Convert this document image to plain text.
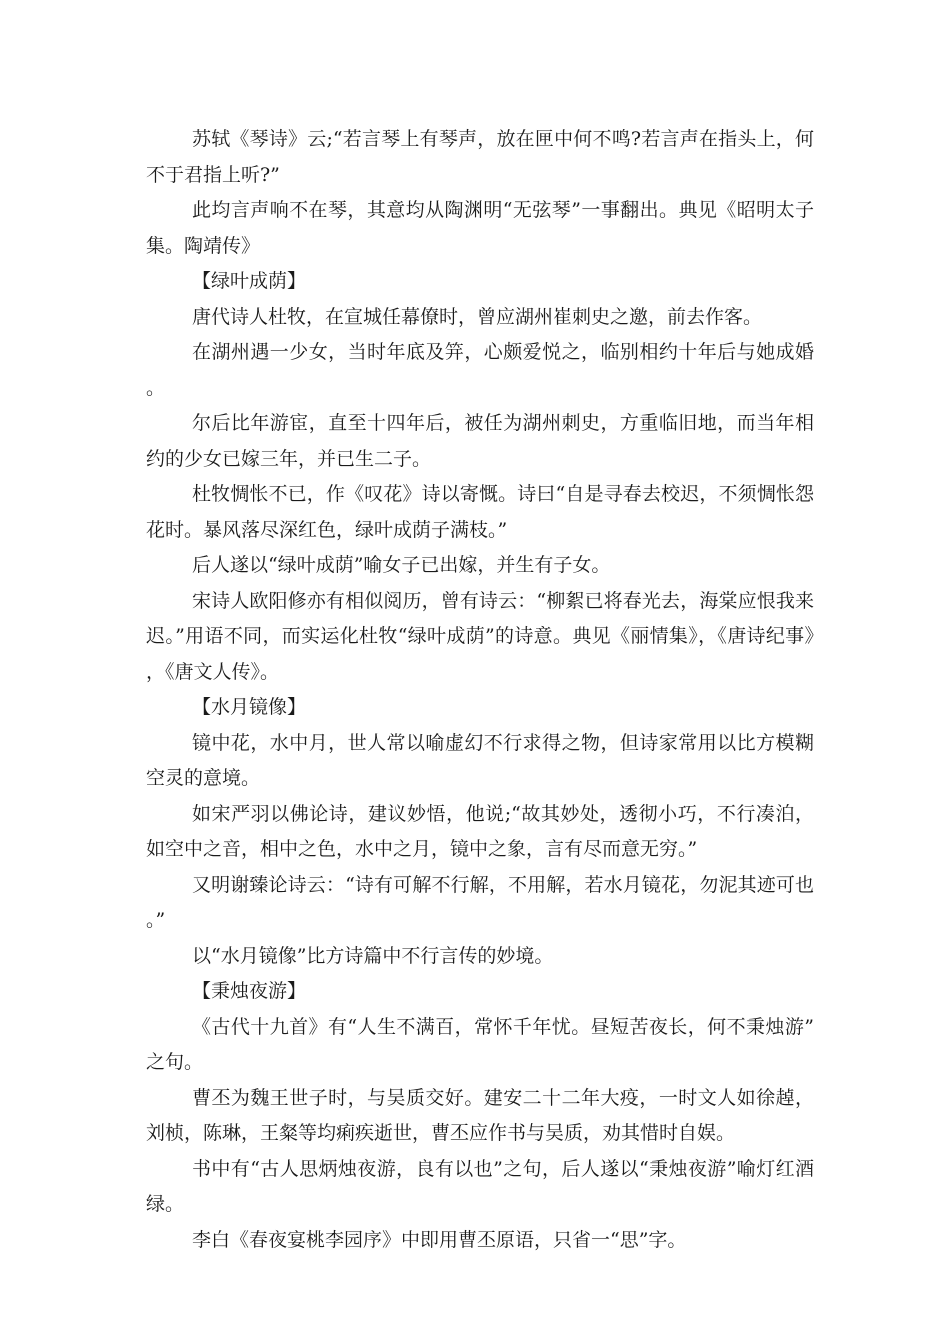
苏轼《琴诗》云;“若言琴上有琴声，放在匣中何不鸣?若言声在指头上，何不于君指上听?”

此均言声响不在琴，其意均从陶渊明“无弦琴”一事翻出。典见《昭明太子集。陶靖传》

【绿叶成荫】

唐代诗人杜牧，在宣城任幕僚时，曾应湖州崔刺史之邀，前去作客。

在湖州遇一少女，当时年底及笄，心颇爱悦之，临别相约十年后与她成婚。

尔后比年游宦，直至十四年后，被任为湖州刺史，方重临旧地，而当年相约的少女已嫁三年，并已生二子。

杜牧惆怅不已，作《叹花》诗以寄慨。诗曰“自是寻春去校迟，不须惆怅怨花时。暴风落尽深红色，绿叶成荫子满枝。”

后人遂以“绿叶成荫”喻女子已出嫁，并生有子女。

宋诗人欧阳修亦有相似阅历，曾有诗云：“柳絮已将春光去，海棠应恨我来迟。”用语不同，而实运化杜牧“绿叶成荫”的诗意。典见《丽情集》，《唐诗纪事》，《唐文人传》。

【水月镜像】

镜中花，水中月，世人常以喻虚幻不行求得之物，但诗家常用以比方模糊空灵的意境。

如宋严羽以佛论诗，建议妙悟，他说;“故其妙处，透彻小巧，不行凑泊，如空中之音，相中之色，水中之月，镜中之象，言有尽而意无穷。”

又明谢臻论诗云：“诗有可解不行解，不用解，若水月镜花，勿泥其迹可也。”

以“水月镜像”比方诗篇中不行言传的妙境。

【秉烛夜游】

《古代十九首》有“人生不满百，常怀千年忧。昼短苦夜长，何不秉烛游”之句。

曹丕为魏王世子时，与吴质交好。建安二十二年大疫，一时文人如徐趠，刘桢，陈琳，王粲等均痢疾逝世，曹丕应作书与吴质，劝其惜时自娱。

书中有“古人思炳烛夜游，良有以也”之句，后人遂以“秉烛夜游”喻灯红酒绿。

李白《春夜宴桃李园序》中即用曹丕原语，只省一“思”字。
